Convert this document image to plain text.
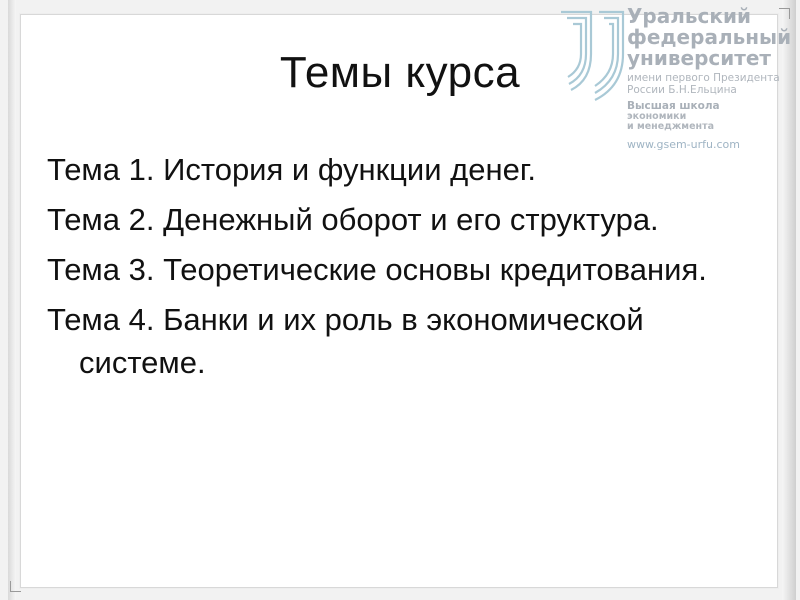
Уральский
федеральный
университет
имени первого Президента
России Б.Н.Ельцина
Высшая школа
экономики
и менеджмента
www.gsem-urfu.com
Темы курса
Тема 1. История и функции денег.
Тема 2. Денежный оборот и его структура.
Тема 3. Теоретические основы кредитования.
Тема 4. Банки и их роль в экономической системе.
